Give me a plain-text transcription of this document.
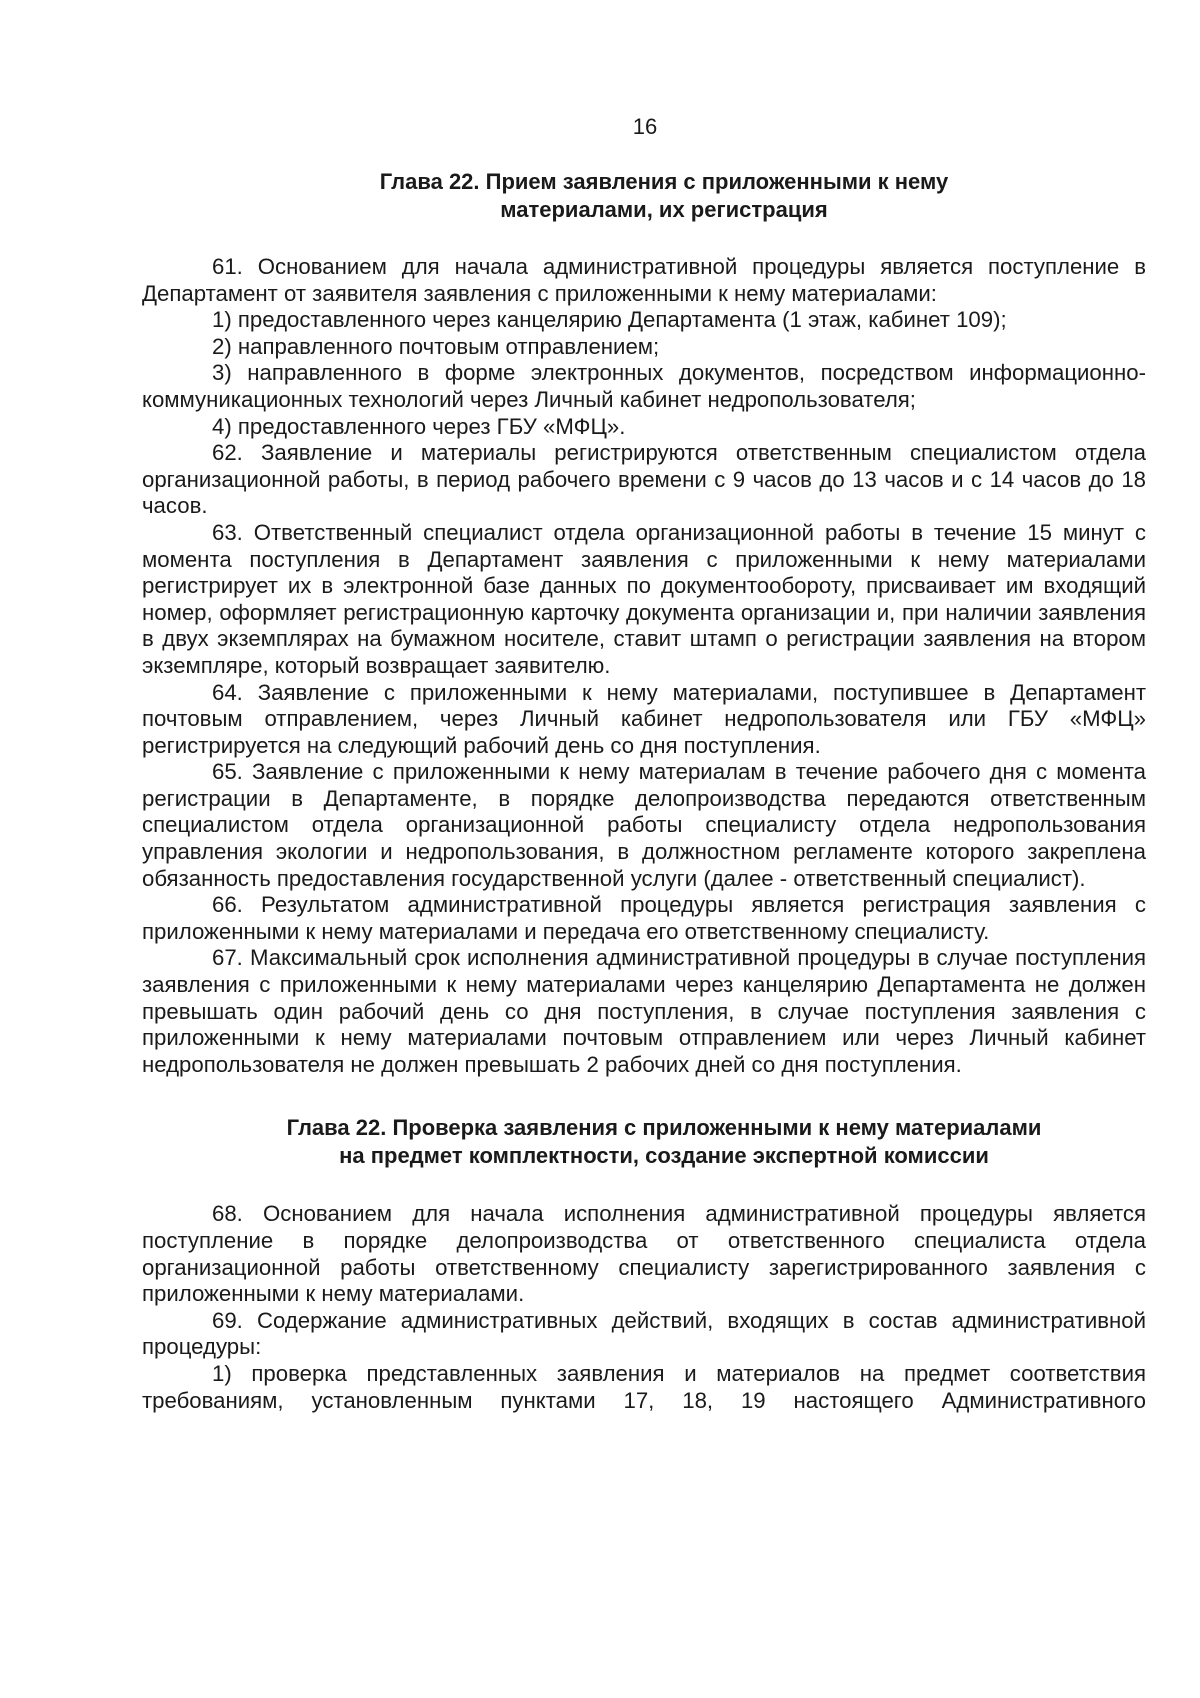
16
Глава 22. Прием заявления с приложенными к нему
материалами, их регистрация

61. Основанием для начала административной процедуры является поступление в Департамент от заявителя заявления с приложенными к нему материалами:

1) предоставленного через канцелярию Департамента (1 этаж, кабинет 109);

2) направленного почтовым отправлением;

3) направленного в форме электронных документов, посредством информационно-коммуникационных технологий через Личный кабинет недропользователя;

4) предоставленного через ГБУ «МФЦ».

62. Заявление и материалы регистрируются ответственным специалистом отдела организационной работы, в период рабочего времени с 9 часов до 13 часов и с 14 часов до 18 часов.

63. Ответственный специалист отдела организационной работы в течение 15 минут с момента поступления в Департамент заявления с приложенными к нему материалами регистрирует их в электронной базе данных по документообороту, присваивает им входящий номер, оформляет регистрационную карточку документа организации и, при наличии заявления в двух экземплярах на бумажном носителе, ставит штамп о регистрации заявления на втором экземпляре, который возвращает заявителю.

64. Заявление с приложенными к нему материалами, поступившее в Департамент почтовым отправлением, через Личный кабинет недропользователя или ГБУ «МФЦ» регистрируется на следующий рабочий день со дня поступления.

65. Заявление с приложенными к нему материалам в течение рабочего дня с момента регистрации в Департаменте, в порядке делопроизводства передаются ответственным специалистом отдела организационной работы специалисту отдела недропользования управления экологии и недропользования, в должностном регламенте которого закреплена обязанность предоставления государственной услуги (далее - ответственный специалист).

66. Результатом административной процедуры является регистрация заявления с приложенными к нему материалами и передача его ответственному специалисту.

67. Максимальный срок исполнения административной процедуры в случае поступления заявления с приложенными к нему материалами через канцелярию Департамента не должен превышать один рабочий день со дня поступления, в случае поступления заявления с приложенными к нему материалами почтовым отправлением или через Личный кабинет недропользователя не должен превышать 2 рабочих дней со дня поступления.

Глава 22. Проверка заявления с приложенными к нему материалами
на предмет комплектности, создание экспертной комиссии

68. Основанием для начала исполнения административной процедуры является поступление в порядке делопроизводства от ответственного специалиста отдела организационной работы ответственному специалисту зарегистрированного заявления с приложенными к нему материалами.

69. Содержание административных действий, входящих в состав административной процедуры:

1) проверка представленных заявления и материалов на предмет соответствия требованиям, установленным пунктами 17, 18, 19 настоящего Административного
